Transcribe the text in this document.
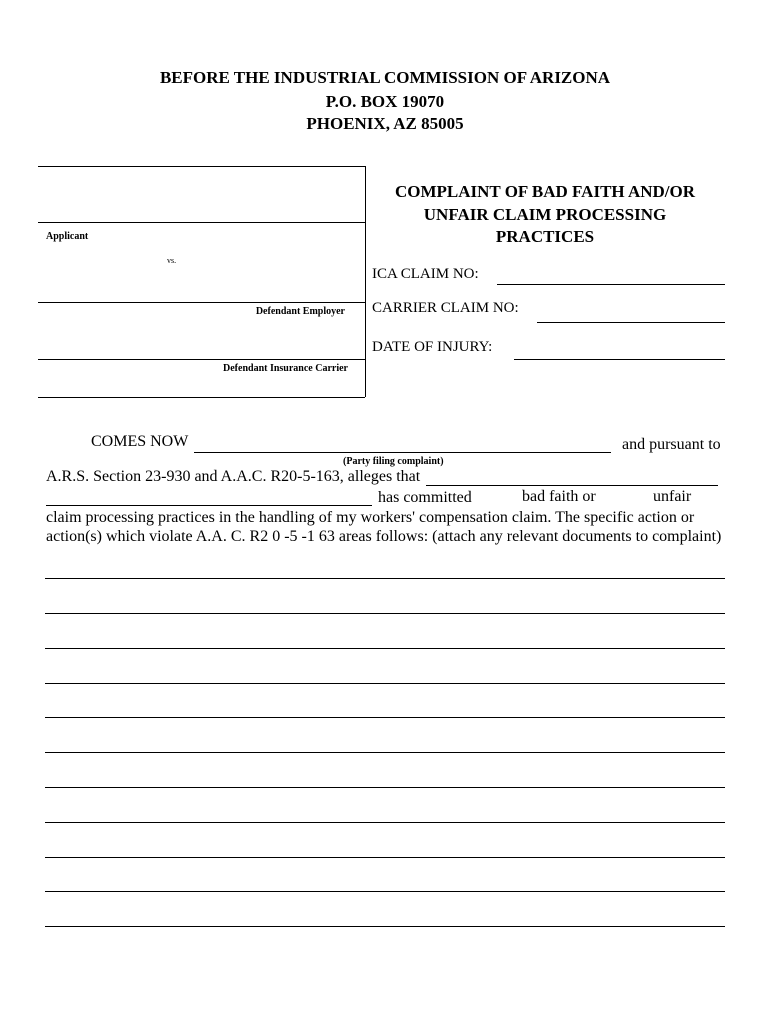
BEFORE THE INDUSTRIAL COMMISSION OF ARIZONA
P.O. BOX 19070
PHOENIX, AZ 85005
Applicant
vs.
Defendant Employer
Defendant Insurance Carrier
COMPLAINT OF BAD FAITH AND/OR
UNFAIR CLAIM PROCESSING
PRACTICES
ICA CLAIM NO:
CARRIER CLAIM NO:
DATE OF INJURY:
COMES NOW	and pursuant to
(Party filing complaint)
A.R.S. Section 23-930 and A.A.C. R20-5-163, alleges that
has committed	bad faith or	unfair
claim processing practices in the handling of my workers' compensation claim. The specific action or
action(s) which violate A.A. C. R2 0 -5 -1 63 areas follows: (attach any relevant documents to complaint)
